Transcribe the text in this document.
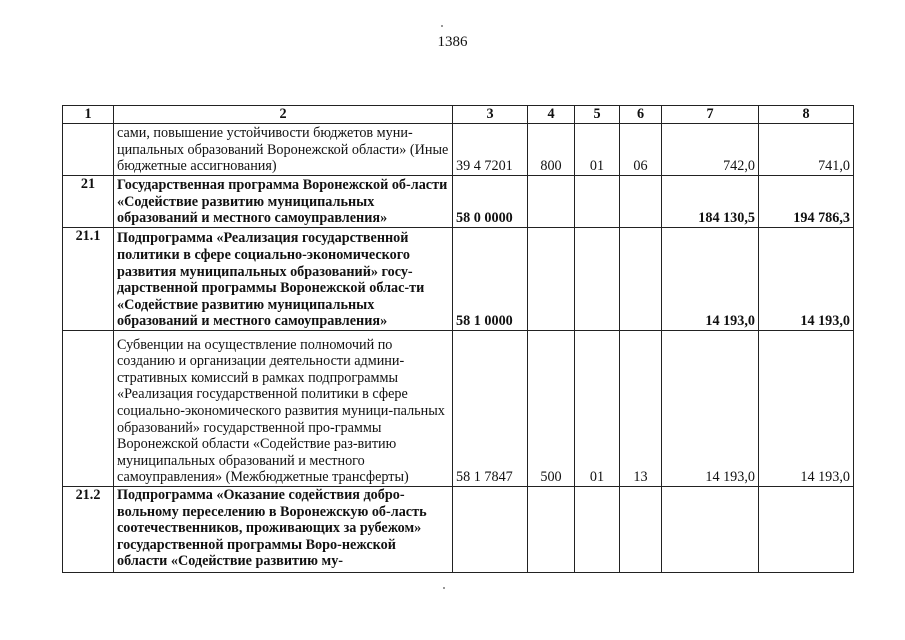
1386
1	2	3	4	5	6	7	8
	сами, повышение устойчивости бюджетов муни-ципальных образований Воронежской области» (Иные бюджетные ассигнования)	39 4 7201	800	01	06	742,0	741,0
21	Государственная программа Воронежской об-ласти «Содействие развитию муниципальных образований и местного самоуправления»	58 0 0000				184 130,5	194 786,3
21.1	Подпрограмма «Реализация государственной политики в сфере социально-экономического развития муниципальных образований» госу-дарственной программы Воронежской облас-ти «Содействие развитию муниципальных образований и местного самоуправления»	58 1 0000				14 193,0	14 193,0
	Субвенции на осуществление полномочий по созданию и организации деятельности админи-стративных комиссий в рамках подпрограммы «Реализация государственной политики в сфере социально-экономического развития муници-пальных образований» государственной про-граммы Воронежской области «Содействие раз-витию муниципальных образований и местного самоуправления» (Межбюджетные трансферты)	58 1 7847	500	01	13	14 193,0	14 193,0
21.2	Подпрограмма «Оказание содействия добро-вольному переселению в Воронежскую об-ласть соотечественников, проживающих за рубежом» государственной программы Воро-нежской области «Содействие развитию му-						
